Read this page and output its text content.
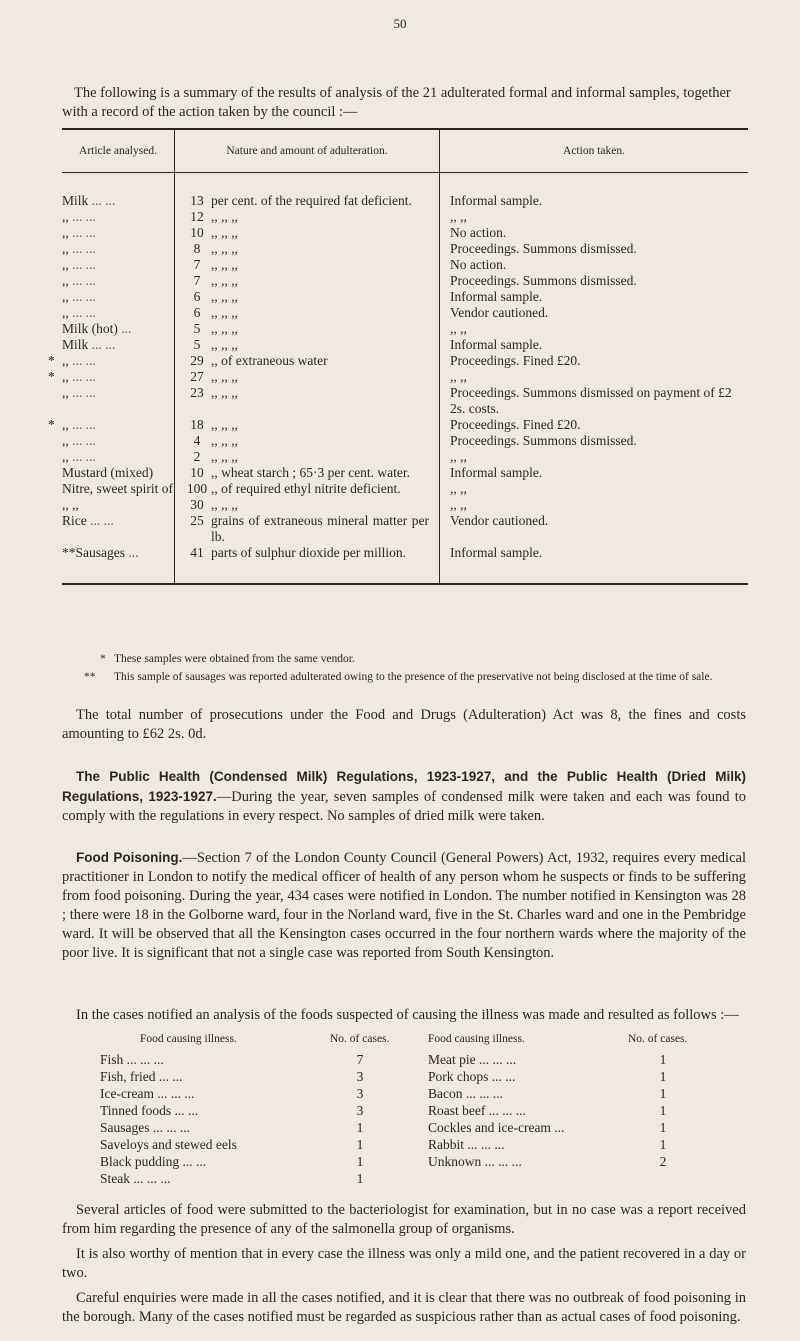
50

The following is a summary of the results of analysis of the 21 adulterated formal and informal samples, together with a record of the action taken by the council :—

Article analysed.	Nature and amount of adulteration.	Action taken.

Milk ... ...	13 per cent. of the required fat deficient.	Informal sample.

,, ... ...	12 ,, ,, ,,	,, ,,

,, ... ...	10 ,, ,, ,,	No action.

,, ... ...	8 ,, ,, ,,	Proceedings. Summons dismissed.

,, ... ...	7 ,, ,, ,,	No action.

,, ... ...	7 ,, ,, ,,	Proceedings. Summons dismissed.

,, ... ...	6 ,, ,, ,,	Informal sample.

,, ... ...	6 ,, ,, ,,	Vendor cautioned.

Milk (hot) ...	5 ,, ,, ,,	,, ,,

Milk ... ...	5 ,, ,, ,,	Informal sample.

* ,, ... ...	29 ,, of extraneous water	Proceedings. Fined £20.

* ,, ... ...	27 ,, ,, ,,	,, ,,

,, ... ...	23 ,, ,, ,,	Proceedings. Summons dismissed on payment of £2 2s. costs.

* ,, ... ...	18 ,, ,, ,,	Proceedings. Fined £20.

,, ... ...	4 ,, ,, ,,	Proceedings. Summons dismissed.

,, ... ...	2 ,, ,, ,,	,, ,,

Mustard (mixed)	10 ,, wheat starch ; 65·3 per cent. water.	Informal sample.

Nitre, sweet spirit of	100 ,, of required ethyl nitrite deficient.	,, ,,

,, ,,	30 ,, ,, ,,	,, ,,

Rice ... ...	25 grains of extraneous mineral matter per lb.	Vendor cautioned.

**Sausages ...	41 parts of sulphur dioxide per million.	Informal sample.

* These samples were obtained from the same vendor.

** This sample of sausages was reported adulterated owing to the presence of the preservative not being disclosed at the time of sale.

The total number of prosecutions under the Food and Drugs (Adulteration) Act was 8, the fines and costs amounting to £62 2s. 0d.

The Public Health (Condensed Milk) Regulations, 1923-1927, and the Public Health (Dried Milk) Regulations, 1923-1927.—During the year, seven samples of condensed milk were taken and each was found to comply with the regulations in every respect. No samples of dried milk were taken.

Food Poisoning.—Section 7 of the London County Council (General Powers) Act, 1932, requires every medical practitioner in London to notify the medical officer of health of any person whom he suspects or finds to be suffering from food poisoning. During the year, 434 cases were notified in London. The number notified in Kensington was 28 ; there were 18 in the Golborne ward, four in the Norland ward, five in the St. Charles ward and one in the Pembridge ward. It will be observed that all the Kensington cases occurred in the four northern wards where the majority of the poor live. It is significant that not a single case was reported from South Kensington.

In the cases notified an analysis of the foods suspected of causing the illness was made and resulted as follows :—

Food causing illness.	No. of cases.		Food causing illness.	No. of cases.
Fish ... ... ...	7		Meat pie ... ... ...	1
Fish, fried ... ...	3		Pork chops ... ...	1
Ice-cream ... ... ...	3		Bacon ... ... ...	1
Tinned foods ... ...	3		Roast beef ... ... ...	1
Sausages ... ... ...	1		Cockles and ice-cream ...	1
Saveloys and stewed eels	1		Rabbit ... ... ...	1
Black pudding ... ...	1		Unknown ... ... ...	2
Steak ... ... ...	1			

Several articles of food were submitted to the bacteriologist for examination, but in no case was a report received from him regarding the presence of any of the salmonella group of organisms.

It is also worthy of mention that in every case the illness was only a mild one, and the patient recovered in a day or two.

Careful enquiries were made in all the cases notified, and it is clear that there was no outbreak of food poisoning in the borough. Many of the cases notified must be regarded as suspicious rather than as actual cases of food poisoning.
